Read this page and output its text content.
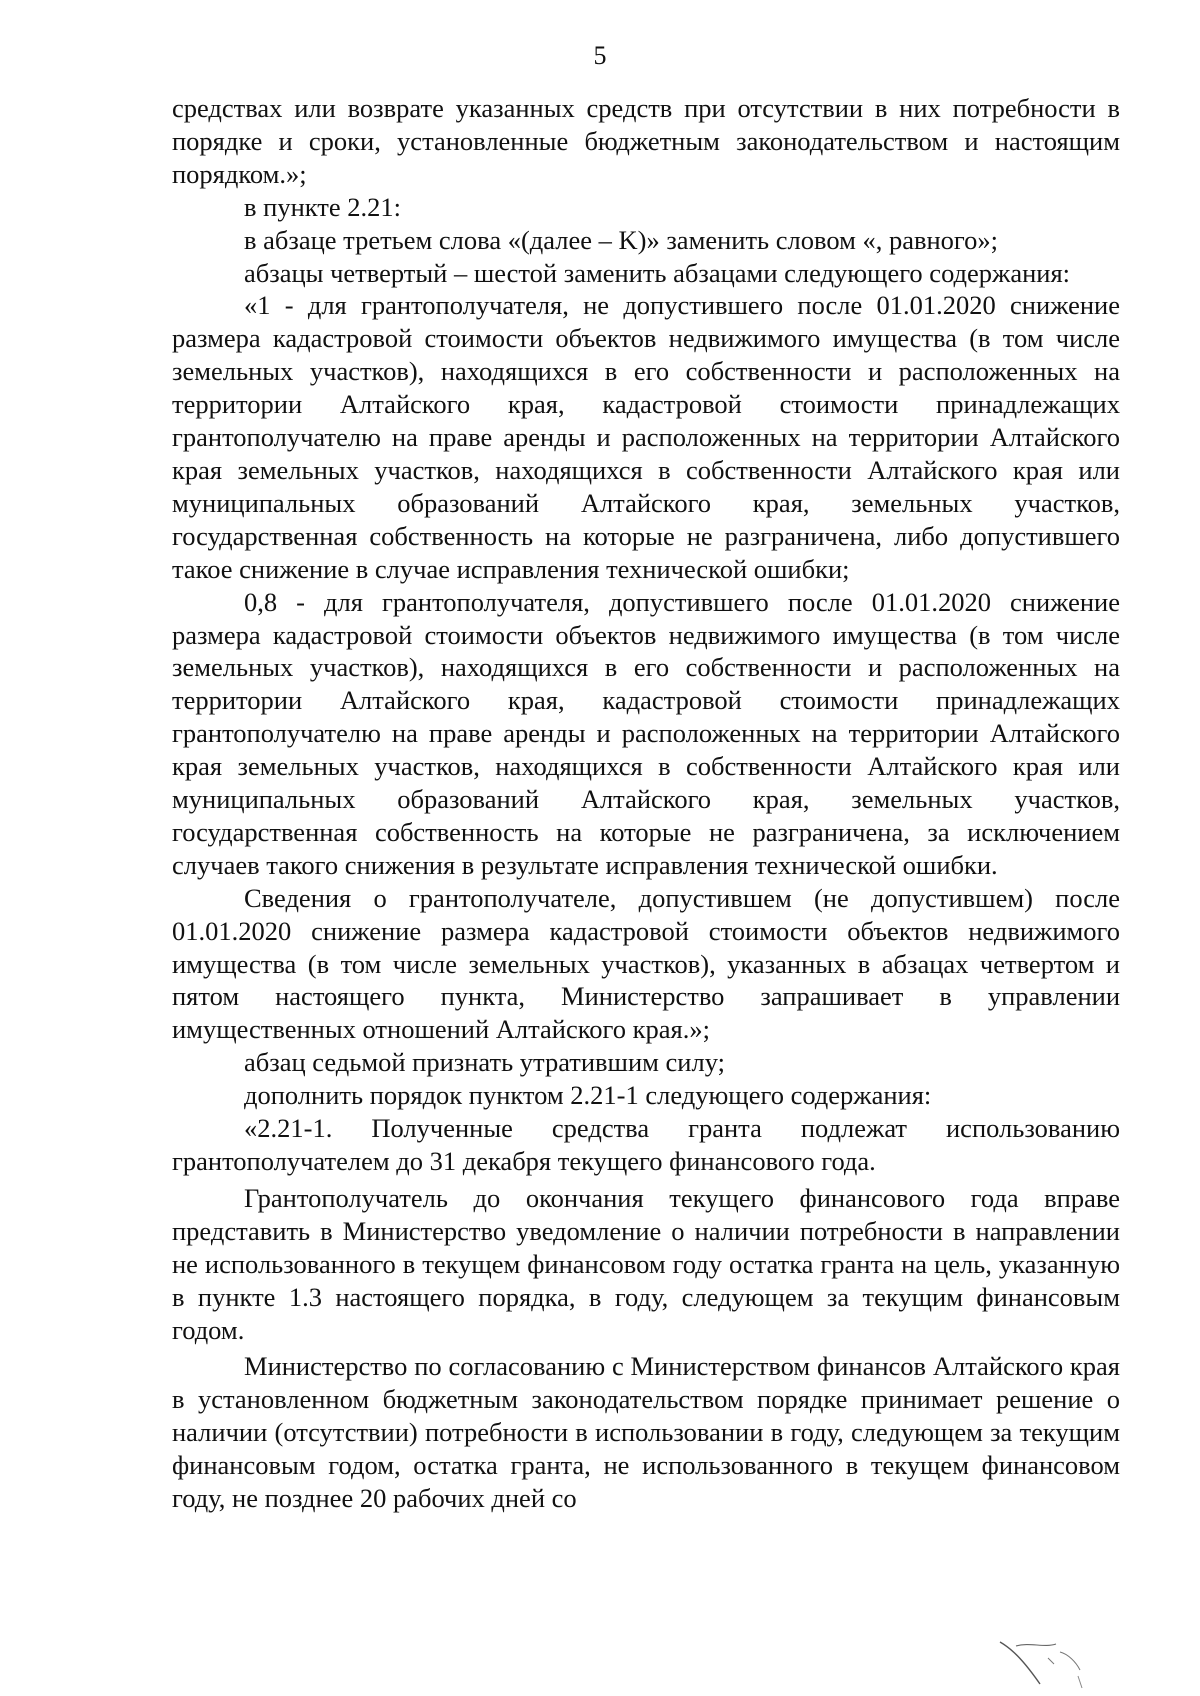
5

средствах или возврате указанных средств при отсутствии в них потребности в порядке и сроки, установленные бюджетным законодательством и настоящим порядком.»;

в пункте 2.21:

в абзаце третьем слова «(далее – K)» заменить словом «, равного»;

абзацы четвертый – шестой заменить абзацами следующего содержания:

«1 - для грантополучателя, не допустившего после 01.01.2020 снижение размера кадастровой стоимости объектов недвижимого имущества (в том числе земельных участков), находящихся в его собственности и расположенных на территории Алтайского края, кадастровой стоимости принадлежащих грантополучателю на праве аренды и расположенных на территории Алтайского края земельных участков, находящихся в собственности Алтайского края или муниципальных образований Алтайского края, земельных участков, государственная собственность на которые не разграничена, либо допустившего такое снижение в случае исправления технической ошибки;

0,8 - для грантополучателя, допустившего после 01.01.2020 снижение размера кадастровой стоимости объектов недвижимого имущества (в том числе земельных участков), находящихся в его собственности и расположенных на территории Алтайского края, кадастровой стоимости принадлежащих грантополучателю на праве аренды и расположенных на территории Алтайского края земельных участков, находящихся в собственности Алтайского края или муниципальных образований Алтайского края, земельных участков, государственная собственность на которые не разграничена, за исключением случаев такого снижения в результате исправления технической ошибки.

Сведения о грантополучателе, допустившем (не допустившем) после 01.01.2020 снижение размера кадастровой стоимости объектов недвижимого имущества (в том числе земельных участков), указанных в абзацах четвертом и пятом настоящего пункта, Министерство запрашивает в управлении имущественных отношений Алтайского края.»;

абзац седьмой признать утратившим силу;

дополнить порядок пунктом 2.21-1 следующего содержания:

«2.21-1. Полученные средства гранта подлежат использованию грантополучателем до 31 декабря текущего финансового года.

Грантополучатель до окончания текущего финансового года вправе представить в Министерство уведомление о наличии потребности в направлении не использованного в текущем финансовом году остатка гранта на цель, указанную в пункте 1.3 настоящего порядка, в году, следующем за текущим финансовым годом.

Министерство по согласованию с Министерством финансов Алтайского края в установленном бюджетным законодательством порядке принимает решение о наличии (отсутствии) потребности в использовании в году, следующем за текущим финансовым годом, остатка гранта, не использованного в текущем финансовом году, не позднее 20 рабочих дней со
